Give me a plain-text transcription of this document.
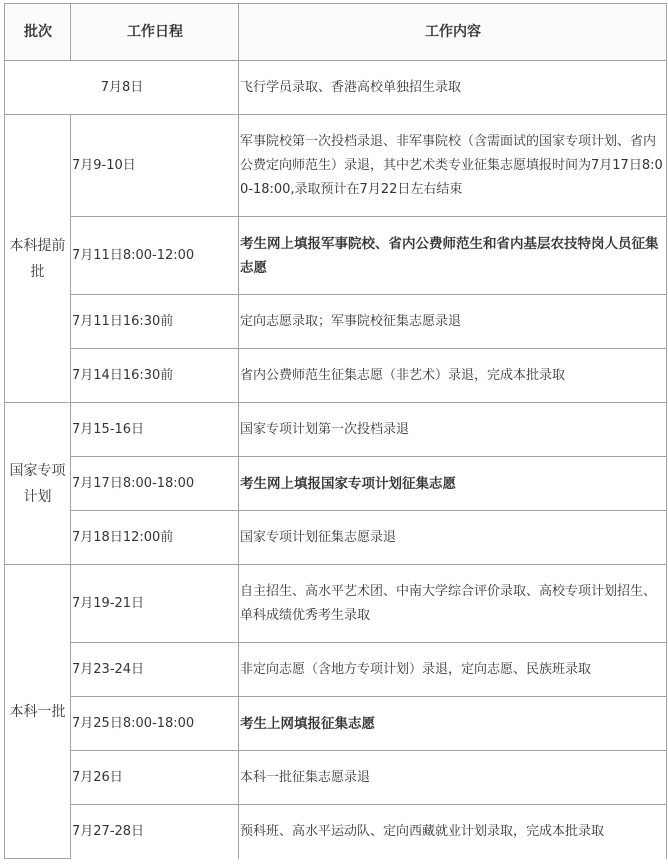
批次	工作日程	工作内容
7月8日		飞行学员录取、香港高校单独招生录取
本科提前批	7月9-10日	军事院校第一次投档录退、非军事院校（含需面试的国家专项计划、省内公费定向师范生）录退，其中艺术类专业征集志愿填报时间为7月17日8:00-18:00,录取预计在7月22日左右结束
	7月11日8:00-12:00	考生网上填报军事院校、省内公费师范生和省内基层农技特岗人员征集志愿
	7月11日16:30前	定向志愿录取；军事院校征集志愿录退
	7月14日16:30前	省内公费师范生征集志愿（非艺术）录退，完成本批录取
国家专项计划	7月15-16日	国家专项计划第一次投档录退
	7月17日8:00-18:00	考生网上填报国家专项计划征集志愿
	7月18日12:00前	国家专项计划征集志愿录退
本科一批	7月19-21日	自主招生、高水平艺术团、中南大学综合评价录取、高校专项计划招生、单科成绩优秀考生录取
	7月23-24日	非定向志愿（含地方专项计划）录退，定向志愿、民族班录取
	7月25日8:00-18:00	考生上网填报征集志愿
	7月26日	本科一批征集志愿录退
	7月27-28日	预科班、高水平运动队、定向西藏就业计划录取，完成本批录取
